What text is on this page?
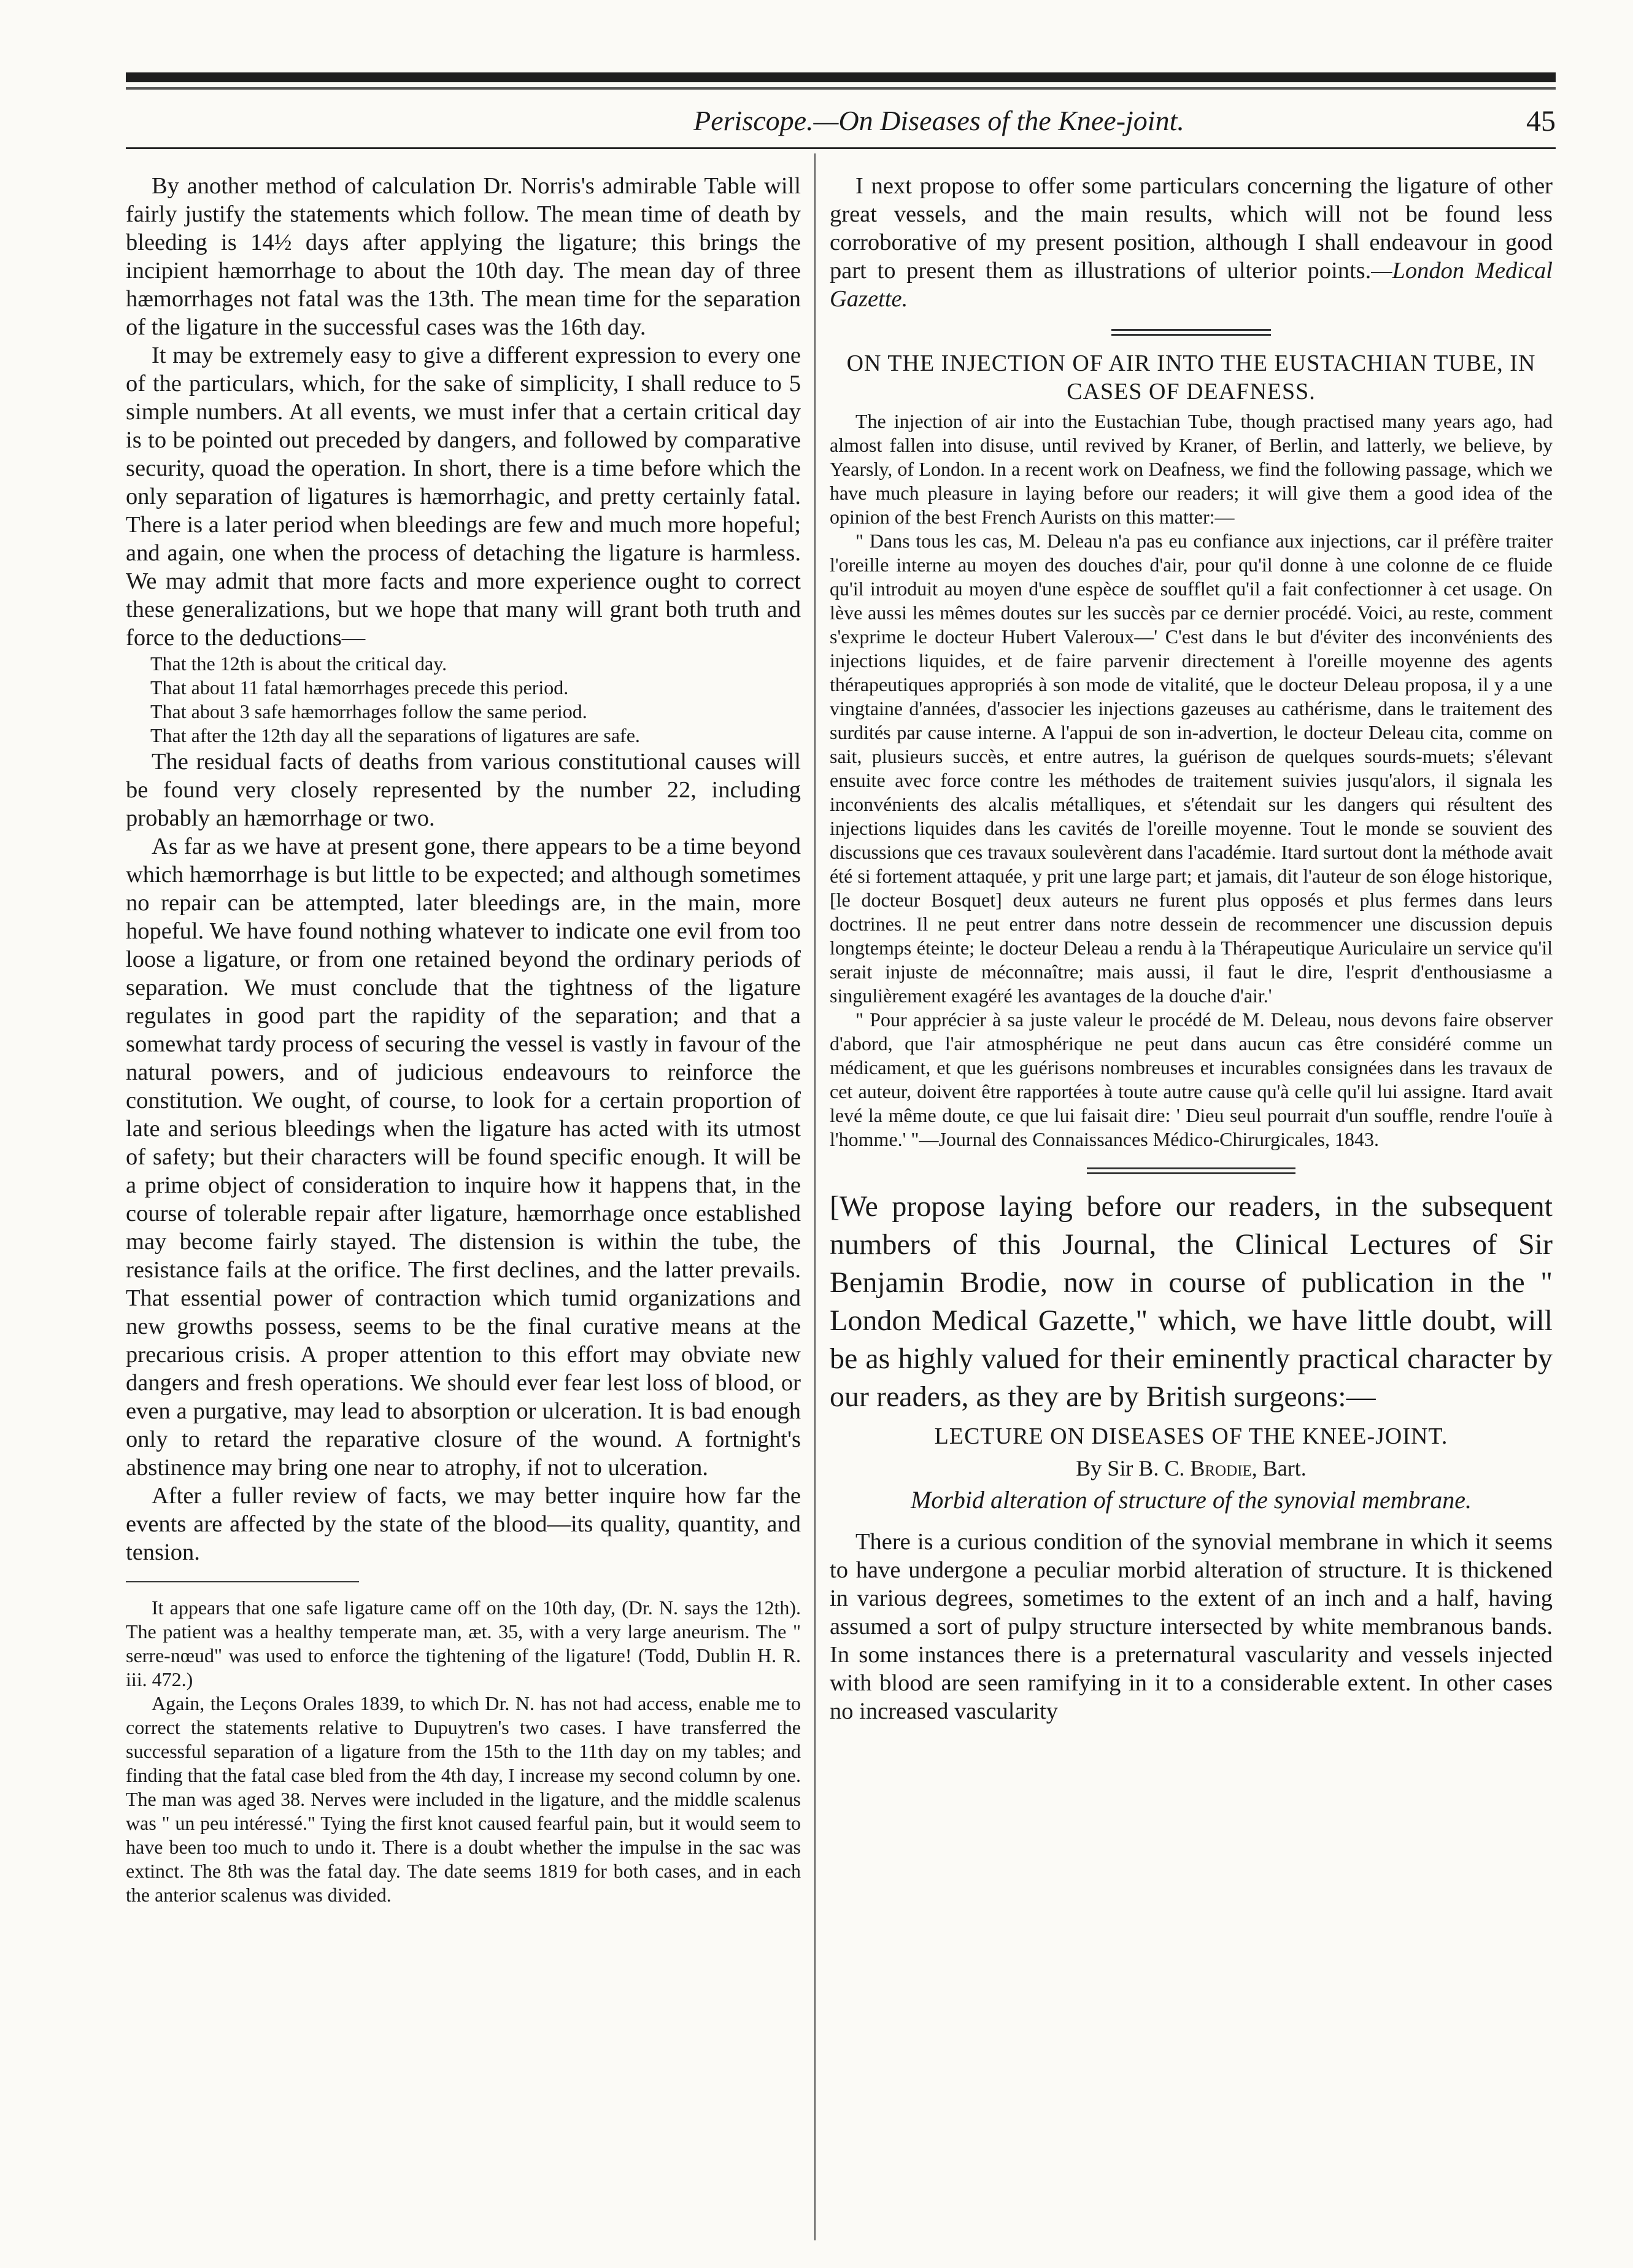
Periscope.—On Diseases of the Knee-joint.	45

By another method of calculation Dr. Norris's admirable Table will fairly justify the statements which follow. The mean time of death by bleeding is 14½ days after applying the ligature; this brings the incipient hæmorrhage to about the 10th day. The mean day of three hæmorrhages not fatal was the 13th. The mean time for the separation of the ligature in the successful cases was the 16th day.

It may be extremely easy to give a different expression to every one of the particulars, which, for the sake of simplicity, I shall reduce to 5 simple numbers. At all events, we must infer that a certain critical day is to be pointed out preceded by dangers, and followed by comparative security, quoad the operation. In short, there is a time before which the only separation of ligatures is hæmorrhagic, and pretty certainly fatal. There is a later period when bleedings are few and much more hopeful; and again, one when the process of detaching the ligature is harmless. We may admit that more facts and more experience ought to correct these generalizations, but we hope that many will grant both truth and force to the deductions—

That the 12th is about the critical day.

That about 11 fatal hæmorrhages precede this period.

That about 3 safe hæmorrhages follow the same period.

That after the 12th day all the separations of ligatures are safe.

The residual facts of deaths from various constitutional causes will be found very closely represented by the number 22, including probably an hæmorrhage or two.

As far as we have at present gone, there appears to be a time beyond which hæmorrhage is but little to be expected; and although sometimes no repair can be attempted, later bleedings are, in the main, more hopeful. We have found nothing whatever to indicate one evil from too loose a ligature, or from one retained beyond the ordinary periods of separation. We must conclude that the tightness of the ligature regulates in good part the rapidity of the separation; and that a somewhat tardy process of securing the vessel is vastly in favour of the natural powers, and of judicious endeavours to reinforce the constitution. We ought, of course, to look for a certain proportion of late and serious bleedings when the ligature has acted with its utmost of safety; but their characters will be found specific enough. It will be a prime object of consideration to inquire how it happens that, in the course of tolerable repair after ligature, hæmorrhage once established may become fairly stayed. The distension is within the tube, the resistance fails at the orifice. The first declines, and the latter prevails. That essential power of contraction which tumid organizations and new growths possess, seems to be the final curative means at the precarious crisis. A proper attention to this effort may obviate new dangers and fresh operations. We should ever fear lest loss of blood, or even a purgative, may lead to absorption or ulceration. It is bad enough only to retard the reparative closure of the wound. A fortnight's abstinence may bring one near to atrophy, if not to ulceration.

After a fuller review of facts, we may better inquire how far the events are affected by the state of the blood—its quality, quantity, and tension.

It appears that one safe ligature came off on the 10th day, (Dr. N. says the 12th). The patient was a healthy temperate man, æt. 35, with a very large aneurism. The " serre-nœud" was used to enforce the tightening of the ligature! (Todd, Dublin H. R. iii. 472.)

Again, the Leçons Orales 1839, to which Dr. N. has not had access, enable me to correct the statements relative to Dupuytren's two cases. I have transferred the successful separation of a ligature from the 15th to the 11th day on my tables; and finding that the fatal case bled from the 4th day, I increase my second column by one. The man was aged 38. Nerves were included in the ligature, and the middle scalenus was " un peu intéressé." Tying the first knot caused fearful pain, but it would seem to have been too much to undo it. There is a doubt whether the impulse in the sac was extinct. The 8th was the fatal day. The date seems 1819 for both cases, and in each the anterior scalenus was divided.

I next propose to offer some particulars concerning the ligature of other great vessels, and the main results, which will not be found less corroborative of my present position, although I shall endeavour in good part to present them as illustrations of ulterior points.—London Medical Gazette.

ON THE INJECTION OF AIR INTO THE EUSTACHIAN TUBE, IN CASES OF DEAFNESS.

The injection of air into the Eustachian Tube, though practised many years ago, had almost fallen into disuse, until revived by Kraner, of Berlin, and latterly, we believe, by Yearsly, of London. In a recent work on Deafness, we find the following passage, which we have much pleasure in laying before our readers; it will give them a good idea of the opinion of the best French Aurists on this matter:—

" Dans tous les cas, M. Deleau n'a pas eu confiance aux injections, car il préfère traiter l'oreille interne au moyen des douches d'air, pour qu'il donne à une colonne de ce fluide qu'il introduit au moyen d'une espèce de soufflet qu'il a fait confectionner à cet usage. On lève aussi les mêmes doutes sur les succès par ce dernier procédé. Voici, au reste, comment s'exprime le docteur Hubert Valeroux—' C'est dans le but d'éviter des inconvénients des injections liquides, et de faire parvenir directement à l'oreille moyenne des agents thérapeutiques appropriés à son mode de vitalité, que le docteur Deleau proposa, il y a une vingtaine d'années, d'associer les injections gazeuses au cathérisme, dans le traitement des surdités par cause interne. A l'appui de son in-advertion, le docteur Deleau cita, comme on sait, plusieurs succès, et entre autres, la guérison de quelques sourds-muets; s'élevant ensuite avec force contre les méthodes de traitement suivies jusqu'alors, il signala les inconvénients des alcalis métalliques, et s'étendait sur les dangers qui résultent des injections liquides dans les cavités de l'oreille moyenne. Tout le monde se souvient des discussions que ces travaux soulevèrent dans l'académie. Itard surtout dont la méthode avait été si fortement attaquée, y prit une large part; et jamais, dit l'auteur de son éloge historique, [le docteur Bosquet] deux auteurs ne furent plus opposés et plus fermes dans leurs doctrines. Il ne peut entrer dans notre dessein de recommencer une discussion depuis longtemps éteinte; le docteur Deleau a rendu à la Thérapeutique Auriculaire un service qu'il serait injuste de méconnaître; mais aussi, il faut le dire, l'esprit d'enthousiasme a singulièrement exagéré les avantages de la douche d'air.'

" Pour apprécier à sa juste valeur le procédé de M. Deleau, nous devons faire observer d'abord, que l'air atmosphérique ne peut dans aucun cas être considéré comme un médicament, et que les guérisons nombreuses et incurables consignées dans les travaux de cet auteur, doivent être rapportées à toute autre cause qu'à celle qu'il lui assigne. Itard avait levé la même doute, ce que lui faisait dire: ' Dieu seul pourrait d'un souffle, rendre l'ouïe à l'homme.' "—Journal des Connaissances Médico-Chirurgicales, 1843.

[We propose laying before our readers, in the subsequent numbers of this Journal, the Clinical Lectures of Sir Benjamin Brodie, now in course of publication in the " London Medical Gazette," which, we have little doubt, will be as highly valued for their eminently practical character by our readers, as they are by British surgeons:—

LECTURE ON DISEASES OF THE KNEE-JOINT.

By Sir B. C. Brodie, Bart.

Morbid alteration of structure of the synovial membrane.

There is a curious condition of the synovial membrane in which it seems to have undergone a peculiar morbid alteration of structure. It is thickened in various degrees, sometimes to the extent of an inch and a half, having assumed a sort of pulpy structure intersected by white membranous bands. In some instances there is a preternatural vascularity and vessels injected with blood are seen ramifying in it to a considerable extent. In other cases no increased vascularity
